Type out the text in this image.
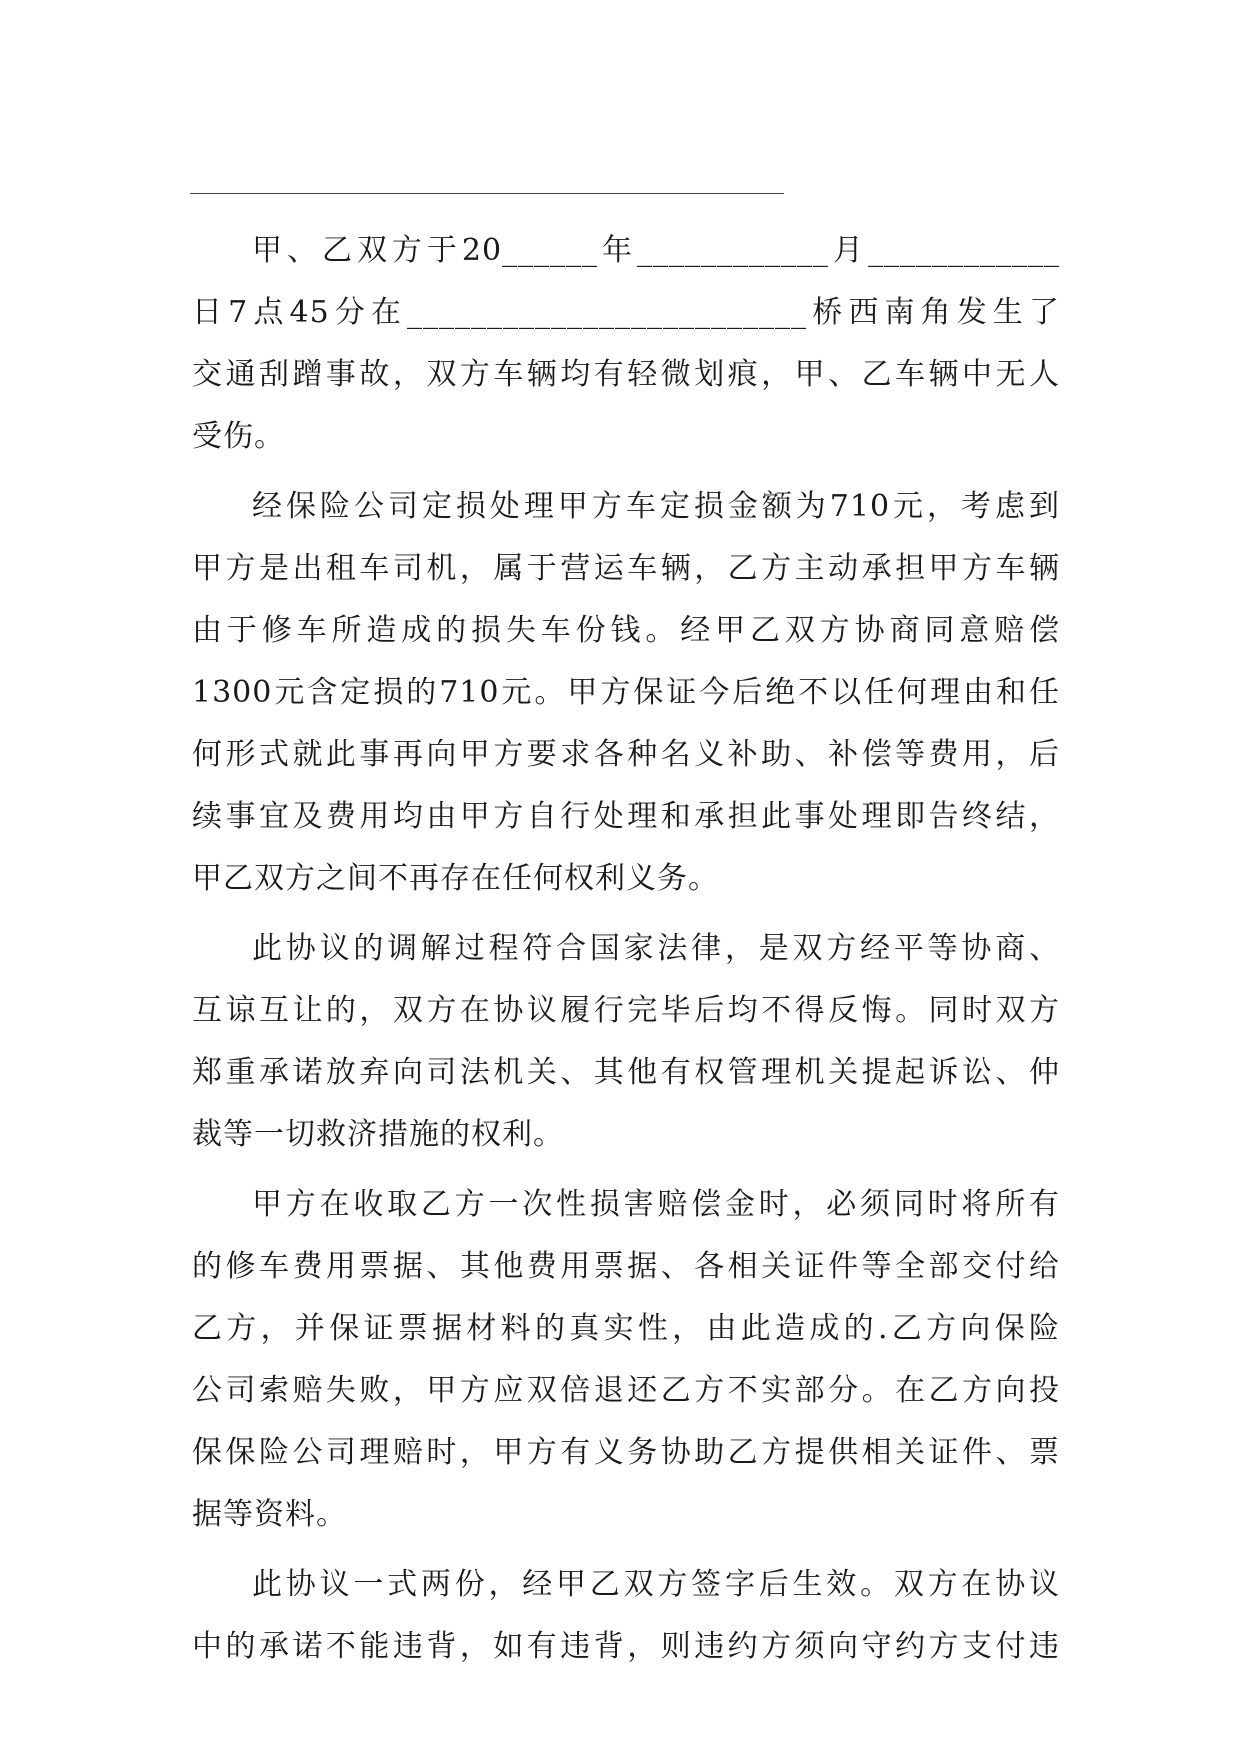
甲、乙双方于20______年____________月____________
日7点45分在_________________________桥西南角发生了
交通刮蹭事故，双方车辆均有轻微划痕，甲、乙车辆中无人
受伤。
经保险公司定损处理甲方车定损金额为710元，考虑到
甲方是出租车司机，属于营运车辆，乙方主动承担甲方车辆
由于修车所造成的损失车份钱。经甲乙双方协商同意赔偿
1300元含定损的710元。甲方保证今后绝不以任何理由和任
何形式就此事再向甲方要求各种名义补助、补偿等费用，后
续事宜及费用均由甲方自行处理和承担此事处理即告终结，
甲乙双方之间不再存在任何权利义务。
此协议的调解过程符合国家法律，是双方经平等协商、
互谅互让的，双方在协议履行完毕后均不得反悔。同时双方
郑重承诺放弃向司法机关、其他有权管理机关提起诉讼、仲
裁等一切救济措施的权利。
甲方在收取乙方一次性损害赔偿金时，必须同时将所有
的修车费用票据、其他费用票据、各相关证件等全部交付给
乙方，并保证票据材料的真实性，由此造成的.乙方向保险
公司索赔失败，甲方应双倍退还乙方不实部分。在乙方向投
保保险公司理赔时，甲方有义务协助乙方提供相关证件、票
据等资料。
此协议一式两份，经甲乙双方签字后生效。双方在协议
中的承诺不能违背，如有违背，则违约方须向守约方支付违
